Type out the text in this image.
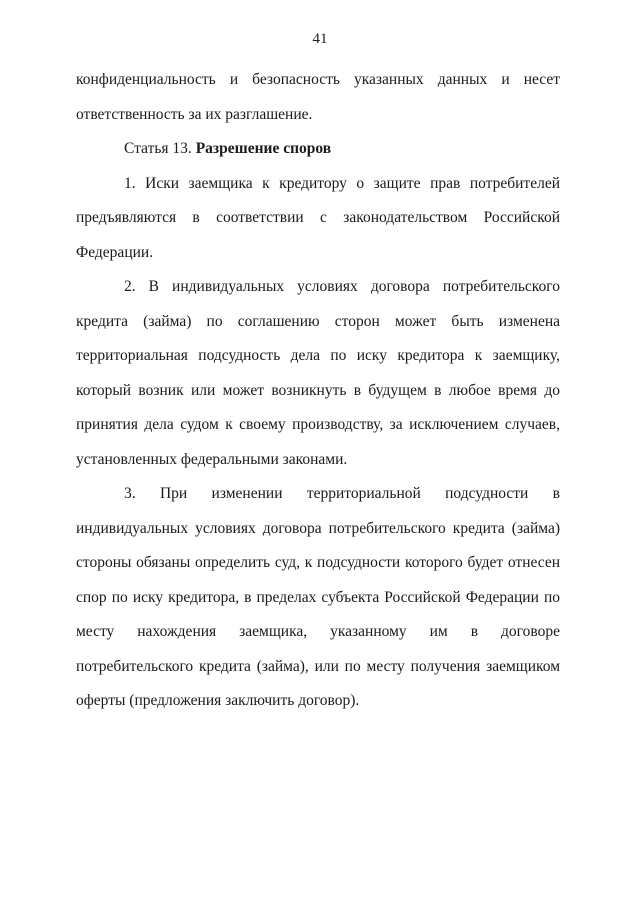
41

конфиденциальность и безопасность указанных данных и несет ответственность за их разглашение.

Статья 13. Разрешение споров

1. Иски заемщика к кредитору о защите прав потребителей предъявляются в соответствии с законодательством Российской Федерации.

2. В индивидуальных условиях договора потребительского кредита (займа) по соглашению сторон может быть изменена территориальная подсудность дела по иску кредитора к заемщику, который возник или может возникнуть в будущем в любое время до принятия дела судом к своему производству, за исключением случаев, установленных федеральными законами.

3. При изменении территориальной подсудности в индивидуальных условиях договора потребительского кредита (займа) стороны обязаны определить суд, к подсудности которого будет отнесен спор по иску кредитора, в пределах субъекта Российской Федерации по месту нахождения заемщика, указанному им в договоре потребительского кредита (займа), или по месту получения заемщиком оферты (предложения заключить договор).
